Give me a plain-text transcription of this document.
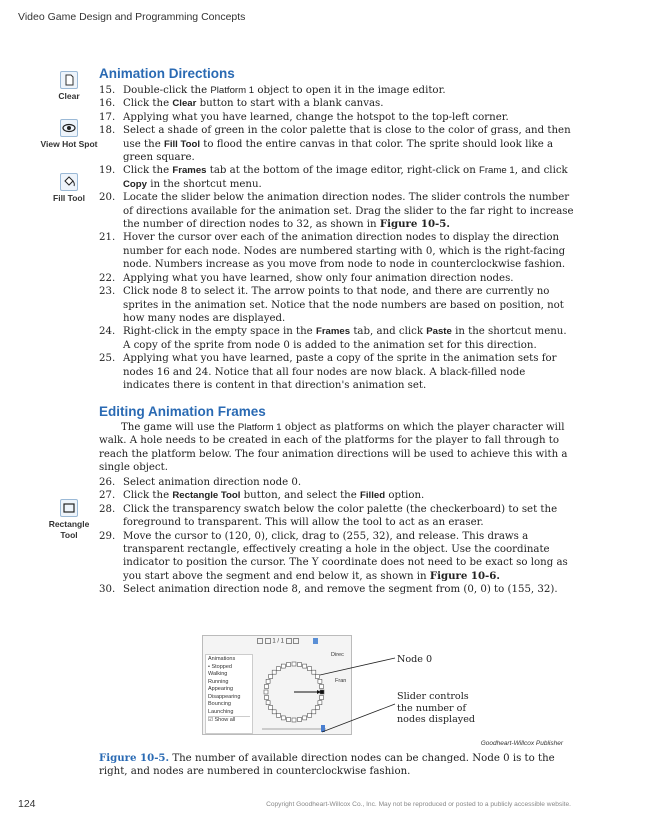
Video Game Design and Programming Concepts
Clear
View Hot Spot
Fill Tool
Rectangle Tool
Animation Directions
15. Double-click the Platform 1 object to open it in the image editor.
16. Click the Clear button to start with a blank canvas.
17. Applying what you have learned, change the hotspot to the top-left corner.
18. Select a shade of green in the color palette that is close to the color of grass, and then use the Fill Tool to flood the entire canvas in that color. The sprite should look like a green square.
19. Click the Frames tab at the bottom of the image editor, right-click on Frame 1, and click Copy in the shortcut menu.
20. Locate the slider below the animation direction nodes. The slider controls the number of directions available for the animation set. Drag the slider to the far right to increase the number of direction nodes to 32, as shown in Figure 10-5.
21. Hover the cursor over each of the animation direction nodes to display the direction number for each node. Nodes are numbered starting with 0, which is the right-facing node. Numbers increase as you move from node to node in counterclockwise fashion.
22. Applying what you have learned, show only four animation direction nodes.
23. Click node 8 to select it. The arrow points to that node, and there are currently no sprites in the animation set. Notice that the node numbers are based on position, not how many nodes are displayed.
24. Right-click in the empty space in the Frames tab, and click Paste in the shortcut menu. A copy of the sprite from node 0 is added to the animation set for this direction.
25. Applying what you have learned, paste a copy of the sprite in the animation sets for nodes 16 and 24. Notice that all four nodes are now black. A black-filled node indicates there is content in that direction's animation set.
Editing Animation Frames
The game will use the Platform 1 object as platforms on which the player character will walk. A hole needs to be created in each of the platforms for the player to fall through to reach the platform below. The four animation directions will be used to achieve this with a single object.
26. Select animation direction node 0.
27. Click the Rectangle Tool button, and select the Filled option.
28. Click the transparency swatch below the color palette (the checkerboard) to set the foreground to transparent. This will allow the tool to act as an eraser.
29. Move the cursor to (120, 0), click, drag to (255, 32), and release. This draws a transparent rectangle, effectively creating a hole in the object. Use the coordinate indicator to position the cursor. The Y coordinate does not need to be exact so long as you start above the segment and end below it, as shown in Figure 10-6.
30. Select animation direction node 8, and remove the segment from (0, 0) to (155, 32).
1 / 1
Animations
• Stopped
Walking
Running
Appearing
Disappearing
Bouncing
Launching
☑ Show all
Direc
Fran
Node 0
Slider controls
the number of
nodes displayed
Goodheart-Willcox Publisher
Figure 10-5. The number of available direction nodes can be changed. Node 0 is to the right, and nodes are numbered in counterclockwise fashion.
124	Copyright Goodheart-Willcox Co., Inc. May not be reproduced or posted to a publicly accessible website.
